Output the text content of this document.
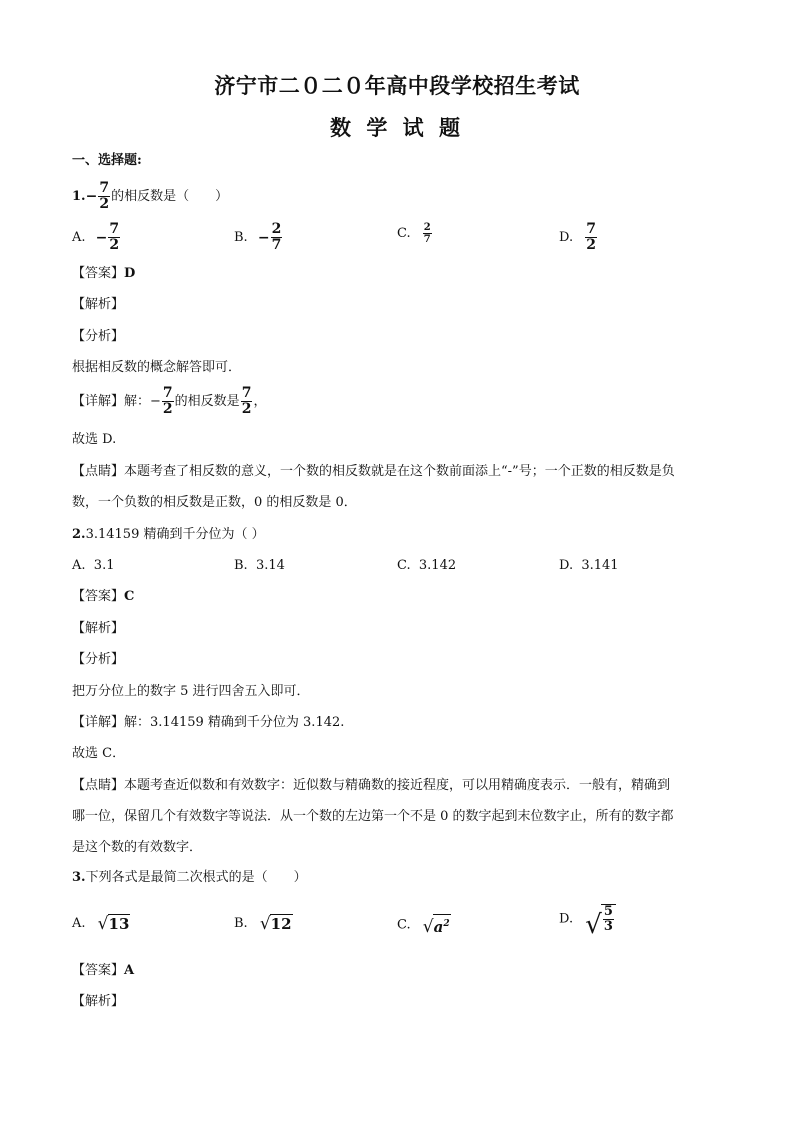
济宁市二０二０年高中段学校招生考试
数 学 试 题
一、选择题:
$1.- \frac{7}{2}$ 的相反数是（　　）
A. − $\frac{7}{2}$	B. − $\frac{2}{7}$	C. $\frac{2}{7}$	D. $\frac{7}{2}$
【答案】D
【解析】
【分析】
根据相反数的概念解答即可．
【详解】解：− $\frac{7}{2}$ 的相反数是 $\frac{7}{2}$ ，
故选 D.
【点睛】本题考查了相反数的意义，一个数的相反数就是在这个数前面添上“-”号；一个正数的相反数是负
数，一个负数的相反数是正数，0 的相反数是 0．
2.3.14159 精确到千分位为（ ）
A. 3.1	B. 3.14	C. 3.142	D. 3.141
【答案】C
【解析】
【分析】
把万分位上的数字 5 进行四舍五入即可．
【详解】解：3.14159 精确到千分位为 3.142.
故选 C．
【点睛】本题考查近似数和有效数字：近似数与精确数的接近程度，可以用精确度表示．一般有，精确到
哪一位，保留几个有效数字等说法．从一个数的左边第一个不是 0 的数字起到末位数字止，所有的数字都
是这个数的有效数字．
3.下列各式是最简二次根式的是（　　）
A. √ 13	B. √ 12	C. √ $a^2$	D. √ $\frac{5}{3}$
【答案】A
【解析】
